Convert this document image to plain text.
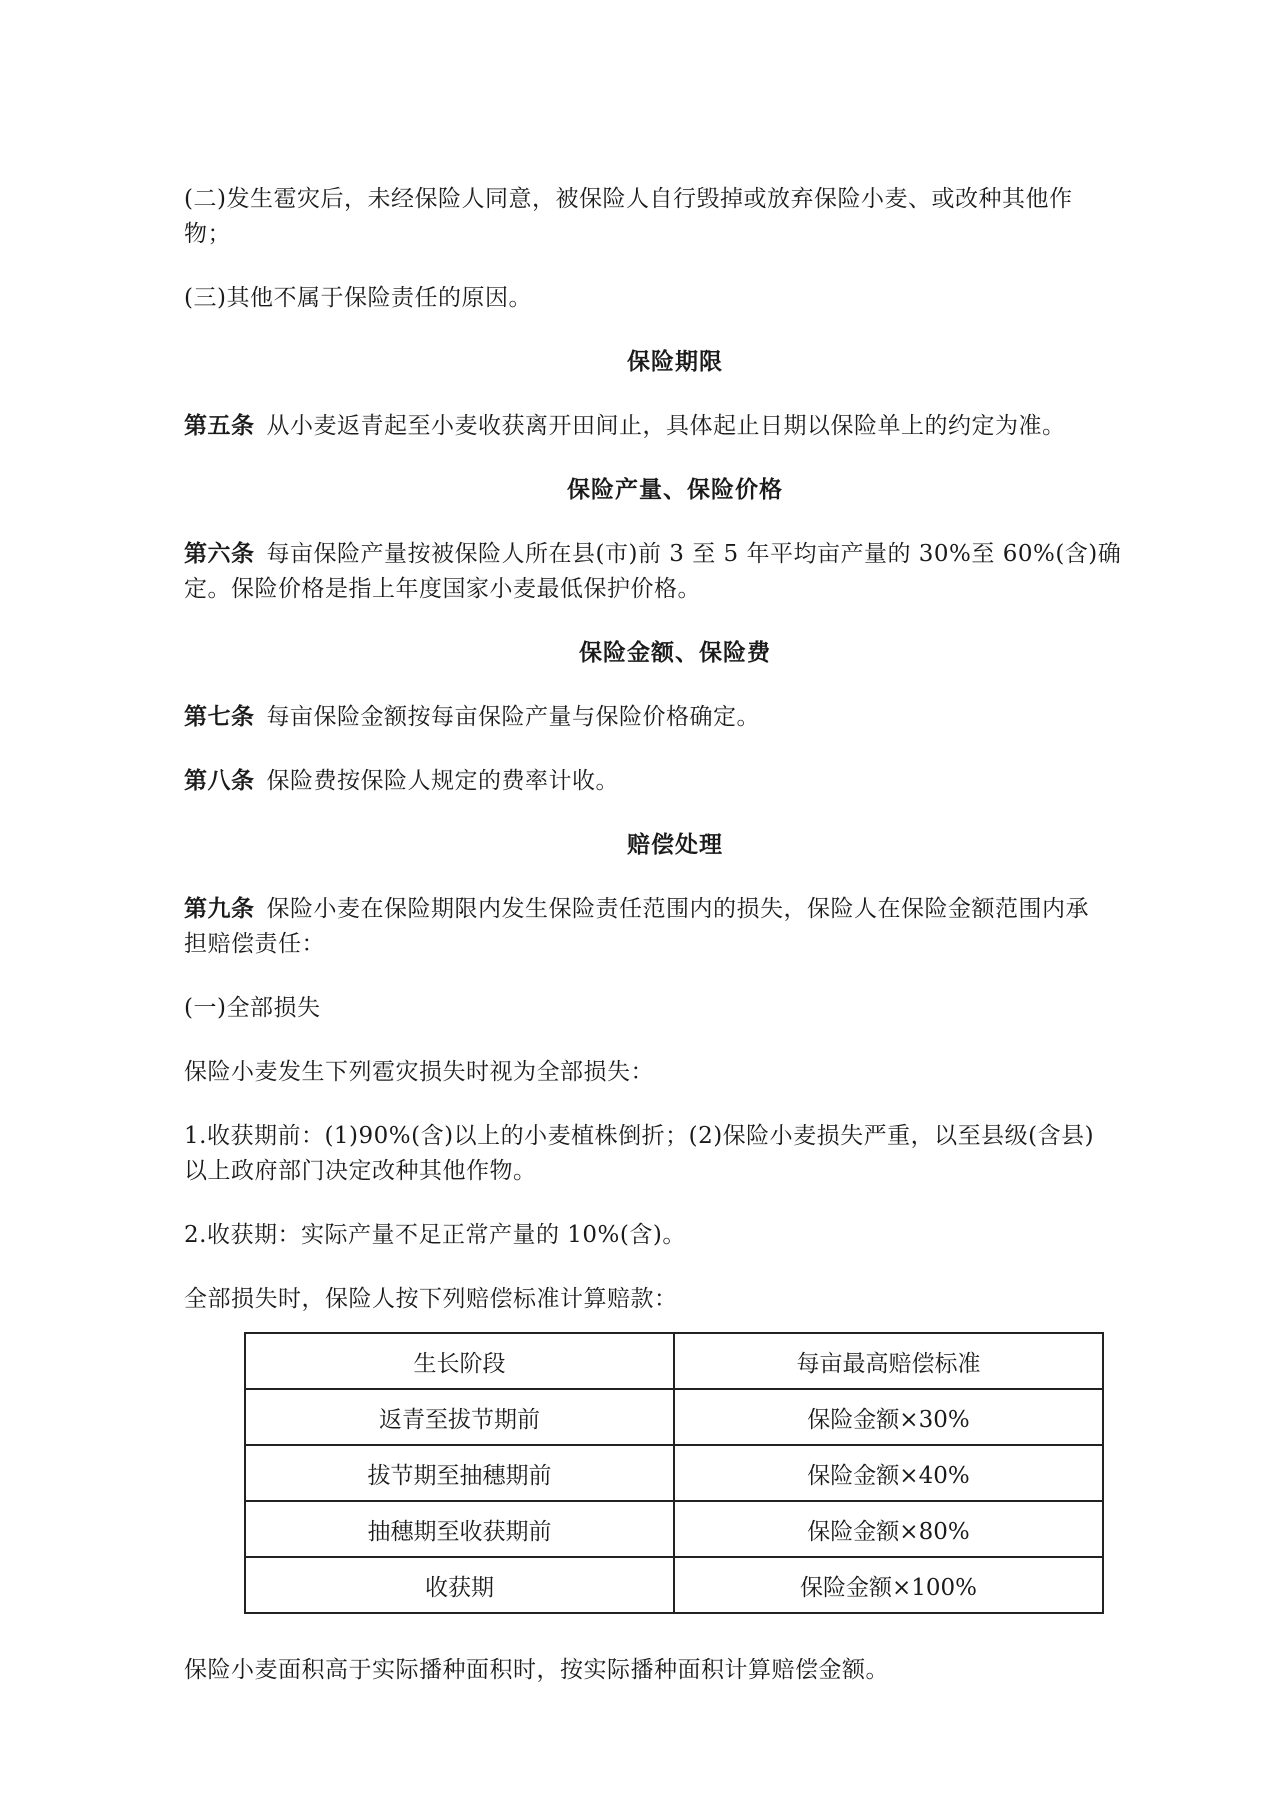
(二)发生雹灾后，未经保险人同意，被保险人自行毁掉或放弃保险小麦、或改种其他作
物；
(三)其他不属于保险责任的原因。
保险期限
第五条 从小麦返青起至小麦收获离开田间止，具体起止日期以保险单上的约定为准。
保险产量、保险价格
第六条 每亩保险产量按被保险人所在县(市)前 3 至 5 年平均亩产量的 30%至 60%(含)确
定。保险价格是指上年度国家小麦最低保护价格。
保险金额、保险费
第七条 每亩保险金额按每亩保险产量与保险价格确定。
第八条 保险费按保险人规定的费率计收。
赔偿处理
第九条 保险小麦在保险期限内发生保险责任范围内的损失，保险人在保险金额范围内承
担赔偿责任：
(一)全部损失
保险小麦发生下列雹灾损失时视为全部损失：
1.收获期前：(1)90%(含)以上的小麦植株倒折；(2)保险小麦损失严重，以至县级(含县)
以上政府部门决定改种其他作物。
2.收获期：实际产量不足正常产量的 10%(含)。
全部损失时，保险人按下列赔偿标准计算赔款：
生长阶段	每亩最高赔偿标准
返青至拔节期前	保险金额×30%
拔节期至抽穗期前	保险金额×40%
抽穗期至收获期前	保险金额×80%
收获期	保险金额×100%
保险小麦面积高于实际播种面积时，按实际播种面积计算赔偿金额。
